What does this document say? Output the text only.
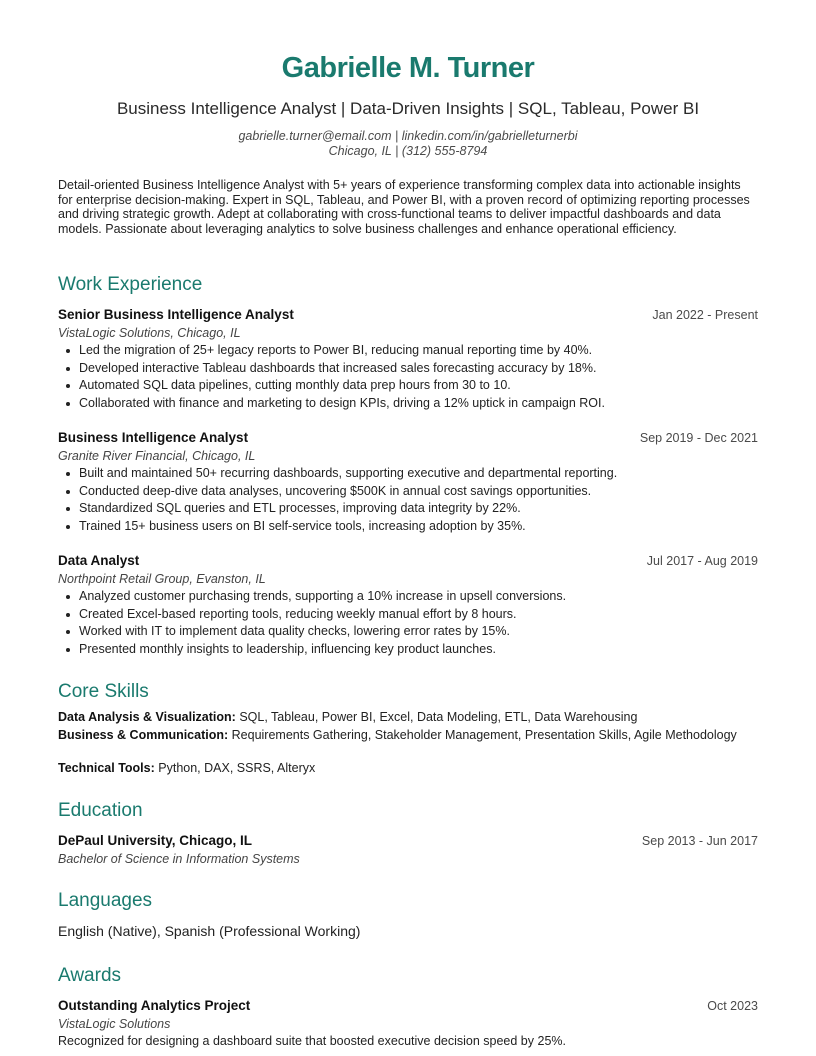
Gabrielle M. Turner
Business Intelligence Analyst | Data-Driven Insights | SQL, Tableau, Power BI
gabrielle.turner@email.com | linkedin.com/in/gabrielleturnerbi
Chicago, IL | (312) 555-8794

Detail-oriented Business Intelligence Analyst with 5+ years of experience transforming complex data into actionable insights for enterprise decision-making. Expert in SQL, Tableau, and Power BI, with a proven record of optimizing reporting processes and driving strategic growth. Adept at collaborating with cross-functional teams to deliver impactful dashboards and data models. Passionate about leveraging analytics to solve business challenges and enhance operational efficiency.

Work Experience
Senior Business Intelligence Analyst	Jan 2022 - Present
VistaLogic Solutions, Chicago, IL
Led the migration of 25+ legacy reports to Power BI, reducing manual reporting time by 40%.
Developed interactive Tableau dashboards that increased sales forecasting accuracy by 18%.
Automated SQL data pipelines, cutting monthly data prep hours from 30 to 10.
Collaborated with finance and marketing to design KPIs, driving a 12% uptick in campaign ROI.
Business Intelligence Analyst	Sep 2019 - Dec 2021
Granite River Financial, Chicago, IL
Built and maintained 50+ recurring dashboards, supporting executive and departmental reporting.
Conducted deep-dive data analyses, uncovering $500K in annual cost savings opportunities.
Standardized SQL queries and ETL processes, improving data integrity by 22%.
Trained 15+ business users on BI self-service tools, increasing adoption by 35%.
Data Analyst	Jul 2017 - Aug 2019
Northpoint Retail Group, Evanston, IL
Analyzed customer purchasing trends, supporting a 10% increase in upsell conversions.
Created Excel-based reporting tools, reducing weekly manual effort by 8 hours.
Worked with IT to implement data quality checks, lowering error rates by 15%.
Presented monthly insights to leadership, influencing key product launches.
Core Skills
Data Analysis & Visualization: SQL, Tableau, Power BI, Excel, Data Modeling, ETL, Data Warehousing
Business & Communication: Requirements Gathering, Stakeholder Management, Presentation Skills, Agile Methodology
Technical Tools: Python, DAX, SSRS, Alteryx
Education
DePaul University, Chicago, IL	Sep 2013 - Jun 2017
Bachelor of Science in Information Systems
Languages
English (Native), Spanish (Professional Working)
Awards
Outstanding Analytics Project	Oct 2023
VistaLogic Solutions
Recognized for designing a dashboard suite that boosted executive decision speed by 25%.
